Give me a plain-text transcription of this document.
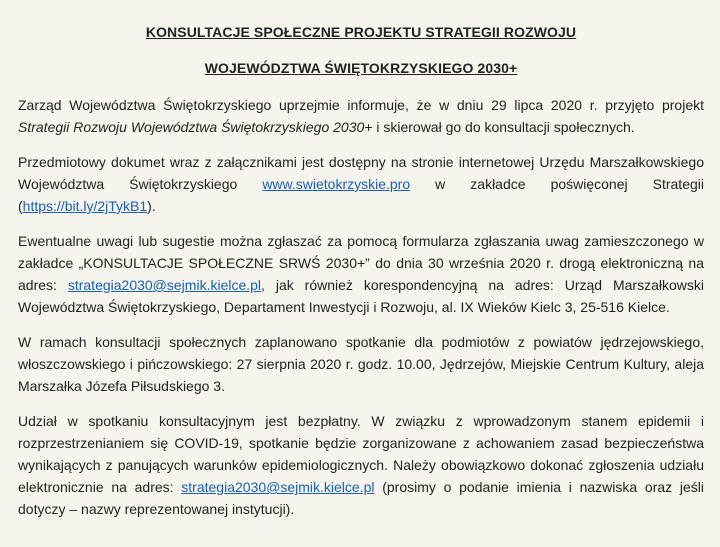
KONSULTACJE SPOŁECZNE PROJEKTU STRATEGII ROZWOJU
WOJEWÓDZTWA ŚWIĘTOKRZYSKIEGO 2030+

Zarząd Województwa Świętokrzyskiego uprzejmie informuje, że w dniu 29 lipca 2020 r. przyjęto projekt Strategii Rozwoju Województwa Świętokrzyskiego 2030+ i skierował go do konsultacji społecznych.

Przedmiotowy dokumet wraz z załącznikami jest dostępny na stronie internetowej Urzędu Marszałkowskiego Województwa Świętokrzyskiego www.swietokrzyskie.pro w zakładce poświęconej Strategii (https://bit.ly/2jTykB1).

Ewentualne uwagi lub sugestie można zgłaszać za pomocą formularza zgłaszania uwag zamieszczonego w zakładce „KONSULTACJE SPOŁECZNE SRWŚ 2030+” do dnia 30 września 2020 r. drogą elektroniczną na adres: strategia2030@sejmik.kielce.pl, jak również korespondencyjną na adres: Urząd Marszałkowski Województwa Świętokrzyskiego, Departament Inwestycji i Rozwoju, al. IX Wieków Kielc 3, 25-516 Kielce.

W ramach konsultacji społecznych zaplanowano spotkanie dla podmiotów z powiatów jędrzejowskiego, włoszczowskiego i pińczowskiego: 27 sierpnia 2020 r. godz. 10.00, Jędrzejów, Miejskie Centrum Kultury, aleja Marszałka Józefa Piłsudskiego 3.

Udział w spotkaniu konsultacyjnym jest bezpłatny. W związku z wprowadzonym stanem epidemii i rozprzestrzenianiem się COVID-19, spotkanie będzie zorganizowane z achowaniem zasad bezpieczeństwa wynikających z panujących warunków epidemiologicznych. Należy obowiązkowo dokonać zgłoszenia udziału elektronicznie na adres: strategia2030@sejmik.kielce.pl (prosimy o podanie imienia i nazwiska oraz jeśli dotyczy – nazwy reprezentowanej instytucji).
